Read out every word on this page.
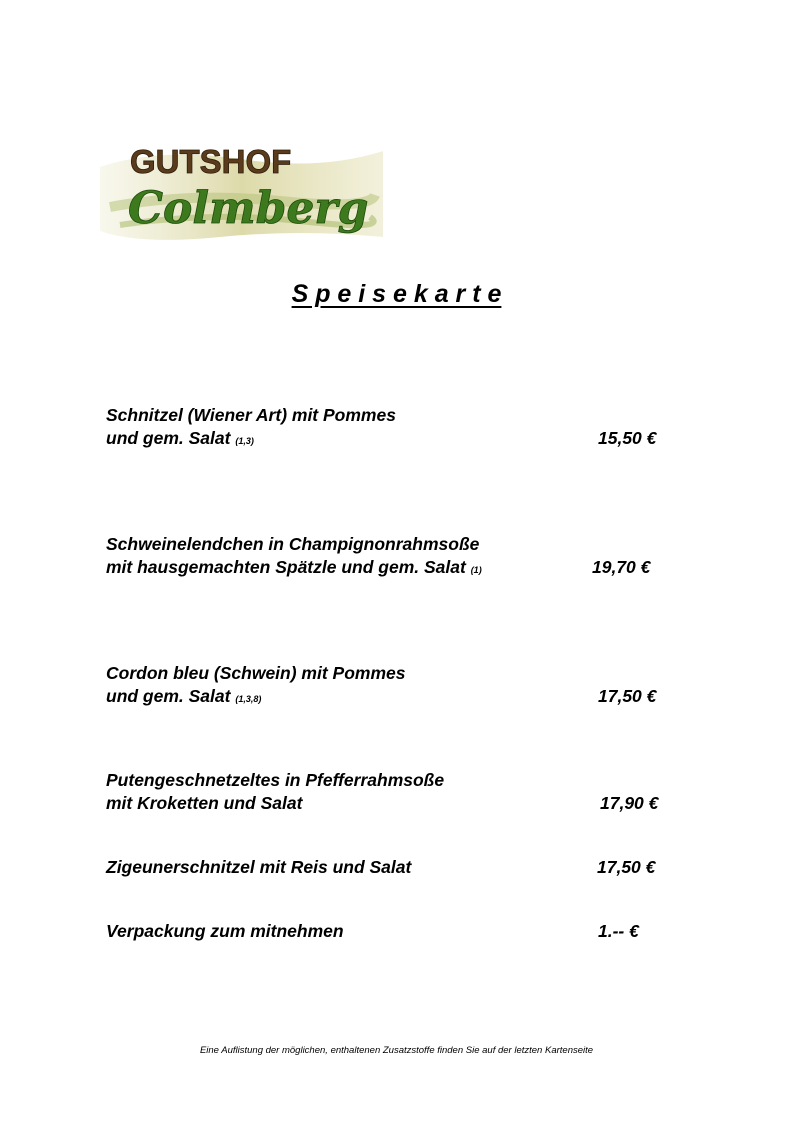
GUTSHOF
Colmberg
S p e i s e k a r t e
Schnitzel (Wiener Art) mit Pommes
und gem. Salat (1,3)	15,50 €
Schweinelendchen in Champignonrahmsoße
mit hausgemachten Spätzle und gem. Salat (1)	19,70 €
Cordon bleu (Schwein) mit Pommes
und gem. Salat (1,3,8)	17,50 €
Putengeschnetzeltes in Pfefferrahmsoße
mit Kroketten und Salat	17,90 €
Zigeunerschnitzel mit Reis und Salat	17,50 €
Verpackung zum mitnehmen	1.-- €
Eine Auflistung der möglichen, enthaltenen Zusatzstoffe finden Sie auf der letzten Kartenseite
